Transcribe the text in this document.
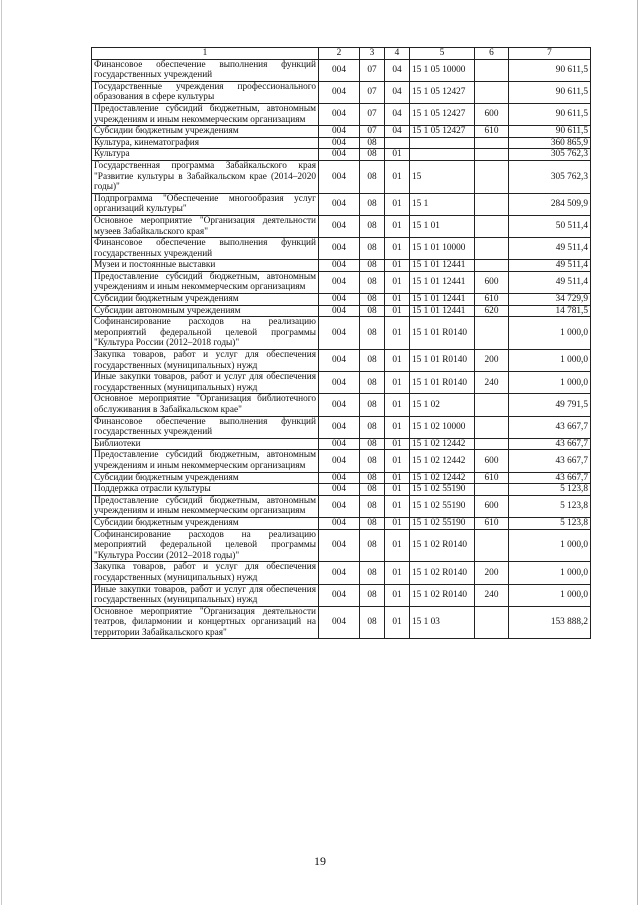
1	2	3	4	5	6	7
Финансовое обеспечение выполнения функций государственных учреждений	004	07	04	15 1 05 10000		90 611,5
Государственные учреждения профессионального образования в сфере культуры	004	07	04	15 1 05 12427		90 611,5
Предоставление субсидий бюджетным, автономным учреждениям и иным некоммерческим организациям	004	07	04	15 1 05 12427	600	90 611,5
Субсидии бюджетным учреждениям	004	07	04	15 1 05 12427	610	90 611,5
Культура, кинематография	004	08				360 865,9
Культура	004	08	01			305 762,3
Государственная программа Забайкальского края "Развитие культуры в Забайкальском крае (2014–2020 годы)"	004	08	01	15		305 762,3
Подпрограмма "Обеспечение многообразия услуг организаций культуры"	004	08	01	15 1		284 509,9
Основное мероприятие "Организация деятельности музеев Забайкальского края"	004	08	01	15 1 01		50 511,4
Финансовое обеспечение выполнения функций государственных учреждений	004	08	01	15 1 01 10000		49 511,4
Музеи и постоянные выставки	004	08	01	15 1 01 12441		49 511,4
Предоставление субсидий бюджетным, автономным учреждениям и иным некоммерческим организациям	004	08	01	15 1 01 12441	600	49 511,4
Субсидии бюджетным учреждениям	004	08	01	15 1 01 12441	610	34 729,9
Субсидии автономным учреждениям	004	08	01	15 1 01 12441	620	14 781,5
Софинансирование расходов на реализацию мероприятий федеральной целевой программы "Культура России (2012–2018 годы)"	004	08	01	15 1 01 R0140		1 000,0
Закупка товаров, работ и услуг для обеспечения государственных (муниципальных) нужд	004	08	01	15 1 01 R0140	200	1 000,0
Иные закупки товаров, работ и услуг для обеспечения государственных (муниципальных) нужд	004	08	01	15 1 01 R0140	240	1 000,0
Основное мероприятие "Организация библиотечного обслуживания в Забайкальском крае"	004	08	01	15 1 02		49 791,5
Финансовое обеспечение выполнения функций государственных учреждений	004	08	01	15 1 02 10000		43 667,7
Библиотеки	004	08	01	15 1 02 12442		43 667,7
Предоставление субсидий бюджетным, автономным учреждениям и иным некоммерческим организациям	004	08	01	15 1 02 12442	600	43 667,7
Субсидии бюджетным учреждениям	004	08	01	15 1 02 12442	610	43 667,7
Поддержка отрасли культуры	004	08	01	15 1 02 55190		5 123,8
Предоставление субсидий бюджетным, автономным учреждениям и иным некоммерческим организациям	004	08	01	15 1 02 55190	600	5 123,8
Субсидии бюджетным учреждениям	004	08	01	15 1 02 55190	610	5 123,8
Софинансирование расходов на реализацию мероприятий федеральной целевой программы "Культура России (2012–2018 годы)"	004	08	01	15 1 02 R0140		1 000,0
Закупка товаров, работ и услуг для обеспечения государственных (муниципальных) нужд	004	08	01	15 1 02 R0140	200	1 000,0
Иные закупки товаров, работ и услуг для обеспечения государственных (муниципальных) нужд	004	08	01	15 1 02 R0140	240	1 000,0
Основное мероприятие "Организация деятельности театров, филармонии и концертных организаций на территории Забайкальского края"	004	08	01	15 1 03		153 888,2
19
